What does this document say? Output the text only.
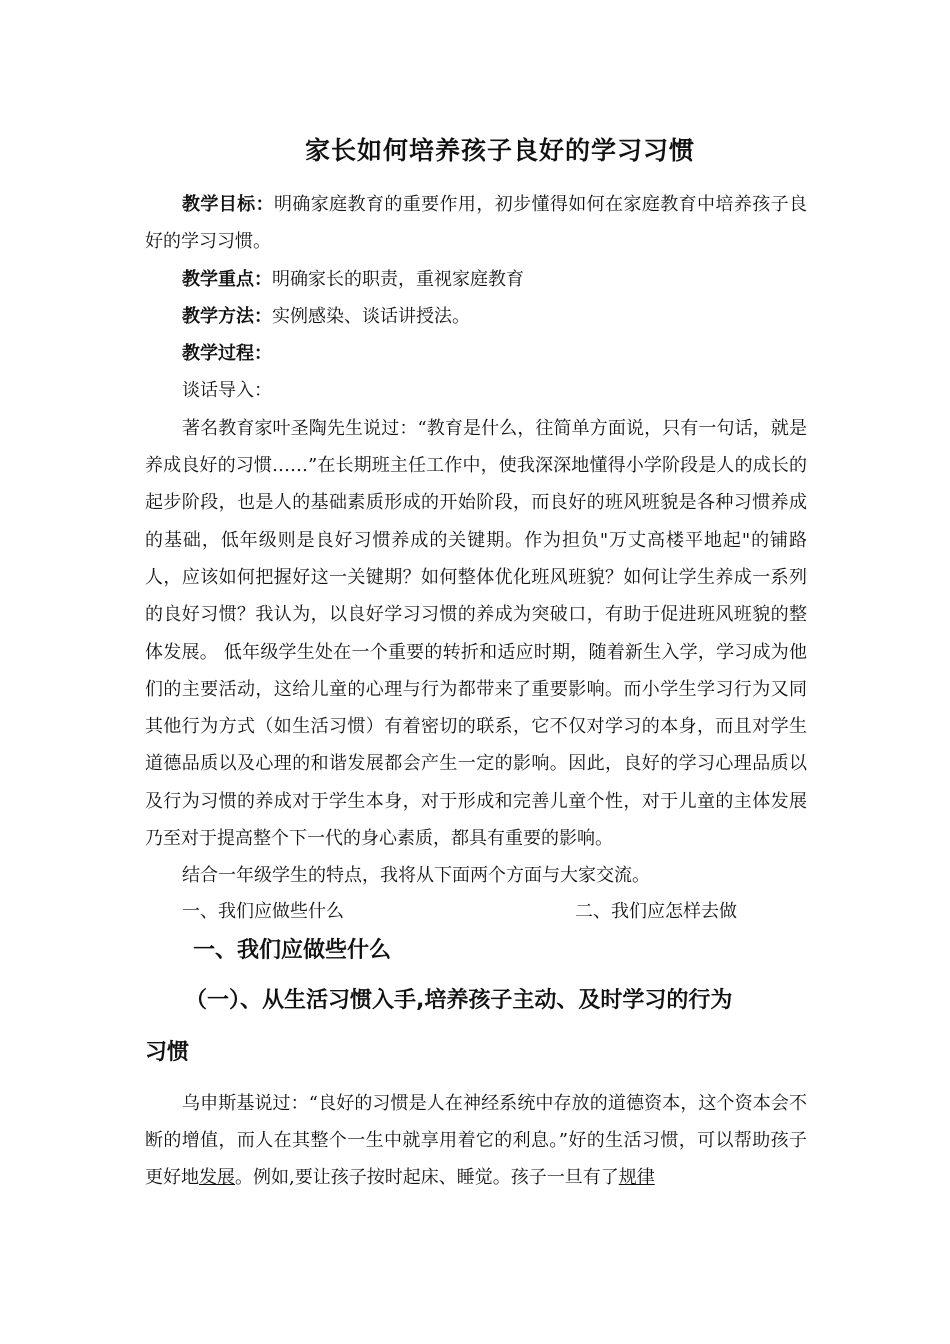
家长如何培养孩子良好的学习习惯

教学目标：明确家庭教育的重要作用，初步懂得如何在家庭教育中培养孩子良好的学习习惯。

教学重点：明确家长的职责，重视家庭教育

教学方法：实例感染、谈话讲授法。

教学过程：

谈话导入：

著名教育家叶圣陶先生说过：“教育是什么，往简单方面说，只有一句话，就是养成良好的习惯……”在长期班主任工作中，使我深深地懂得小学阶段是人的成长的起步阶段，也是人的基础素质形成的开始阶段，而良好的班风班貌是各种习惯养成的基础，低年级则是良好习惯养成的关键期。作为担负"万丈高楼平地起"的铺路人，应该如何把握好这一关键期？如何整体优化班风班貌？如何让学生养成一系列的良好习惯？我认为，以良好学习习惯的养成为突破口，有助于促进班风班貌的整体发展。 低年级学生处在一个重要的转折和适应时期，随着新生入学，学习成为他们的主要活动，这给儿童的心理与行为都带来了重要影响。而小学生学习行为又同其他行为方式（如生活习惯）有着密切的联系，它不仅对学习的本身，而且对学生道德品质以及心理的和谐发展都会产生一定的影响。因此，良好的学习心理品质以及行为习惯的养成对于学生本身，对于形成和完善儿童个性，对于儿童的主体发展乃至对于提高整个下一代的身心素质，都具有重要的影响。

结合一年级学生的特点，我将从下面两个方面与大家交流。

一、我们应做些什么	二、我们应怎样去做
一、我们应做些什么
（一）、从生活习惯入手,培养孩子主动、及时学习的行为
习惯

乌申斯基说过：“良好的习惯是人在神经系统中存放的道德资本，这个资本会不断的增值，而人在其整个一生中就享用着它的利息。”好的生活习惯，可以帮助孩子更好地发展。例如,要让孩子按时起床、睡觉。孩子一旦有了规律
